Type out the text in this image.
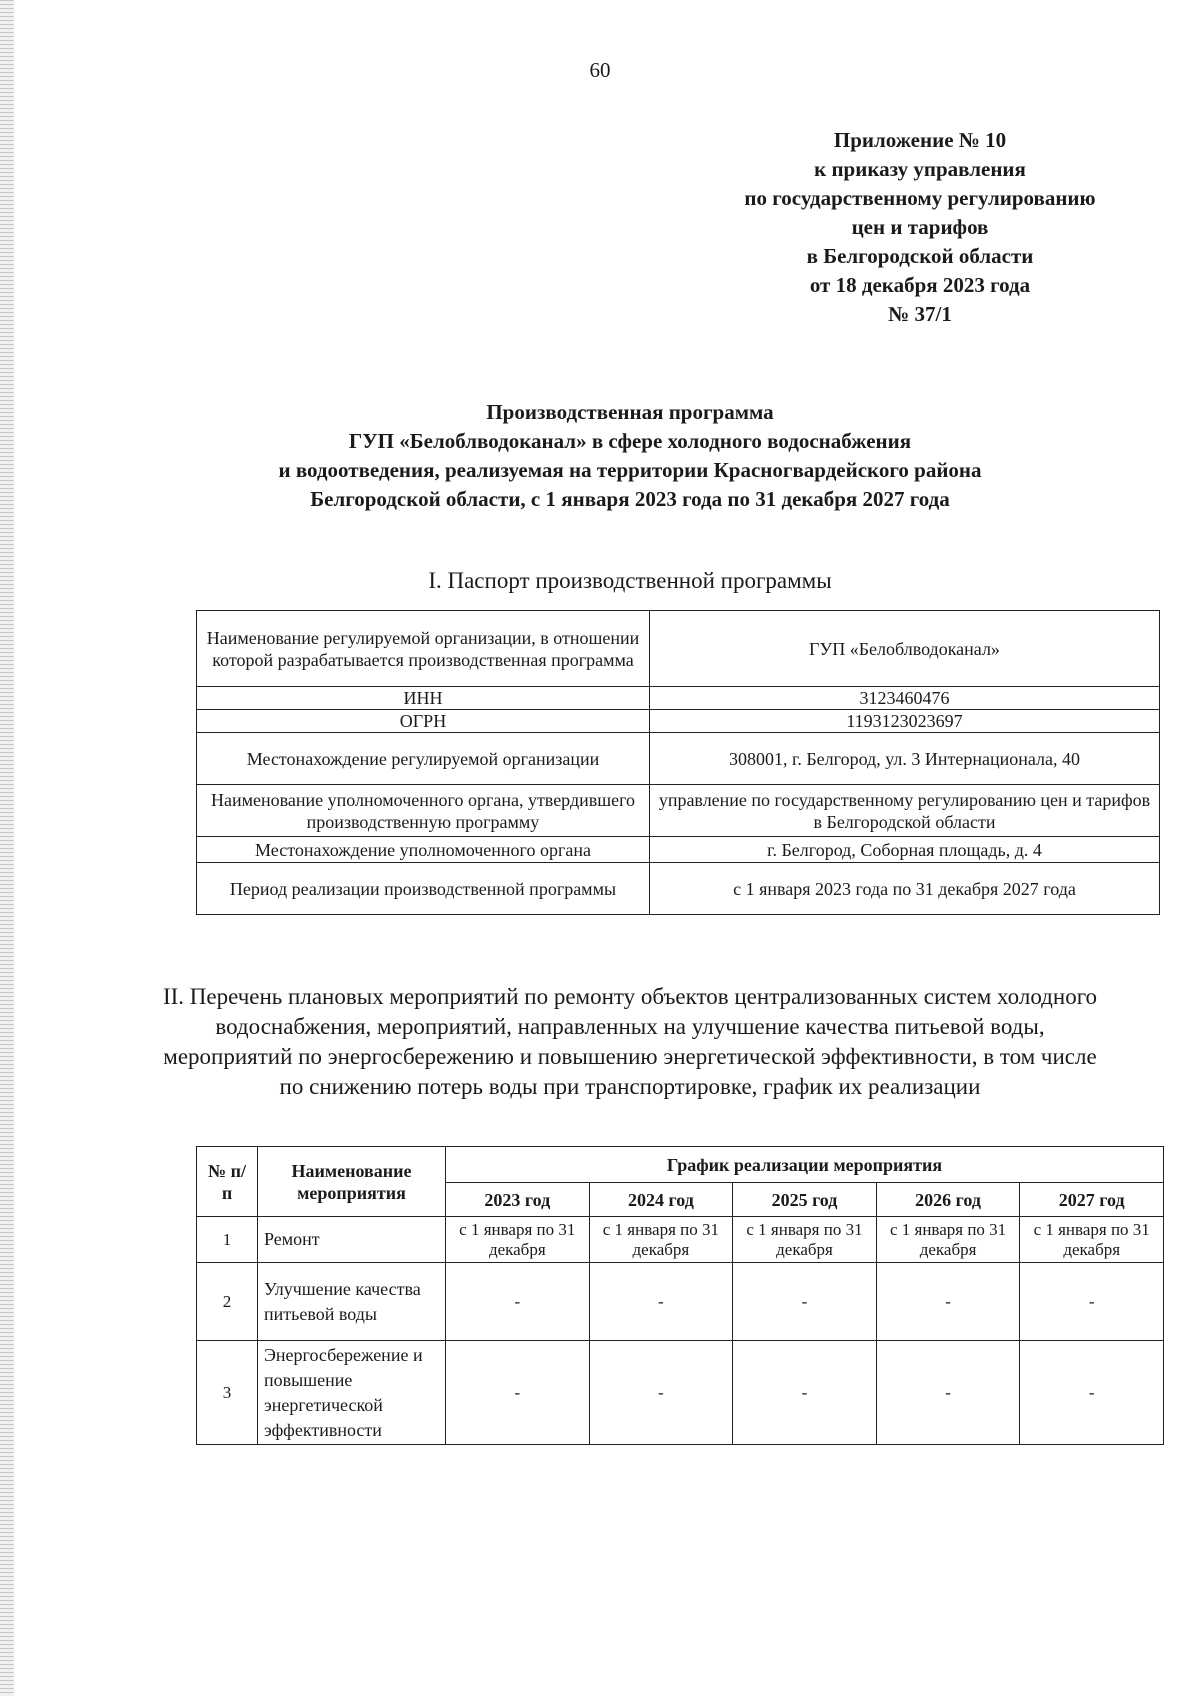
60
Приложение № 10
к приказу управления
по государственному регулированию
цен и тарифов
в Белгородской области
от 18 декабря 2023 года
№ 37/1
Производственная программа
ГУП «Белоблводоканал» в сфере холодного водоснабжения
и водоотведения, реализуемая на территории Красногвардейского района
Белгородской области, с 1 января 2023 года по 31 декабря 2027 года
I. Паспорт производственной программы
Наименование регулируемой организации, в отношении которой разрабатывается производственная программа	ГУП «Белоблводоканал»
ИНН	3123460476
ОГРН	1193123023697
Местонахождение регулируемой организации	308001, г. Белгород, ул. 3 Интернационала, 40
Наименование уполномоченного органа, утвердившего производственную программу	управление по государственному регулированию цен и тарифов в Белгородской области
Местонахождение уполномоченного органа	г. Белгород, Соборная площадь, д. 4
Период реализации производственной программы	с 1 января 2023 года по 31 декабря 2027 года
II. Перечень плановых мероприятий по ремонту объектов централизованных систем холодного водоснабжения, мероприятий, направленных на улучшение качества питьевой воды, мероприятий по энергосбережению и повышению энергетической эффективности, в том числе по снижению потерь воды при транспортировке, график их реализации
№ п/п	Наименование мероприятия	График реализации мероприятия				
		2023 год	2024 год	2025 год	2026 год	2027 год
1	Ремонт	с 1 января по 31 декабря	с 1 января по 31 декабря	с 1 января по 31 декабря	с 1 января по 31 декабря	с 1 января по 31 декабря
2	Улучшение качества питьевой воды	-	-	-	-	-
3	Энергосбережение и повышение энергетической эффективности	-	-	-	-	-
